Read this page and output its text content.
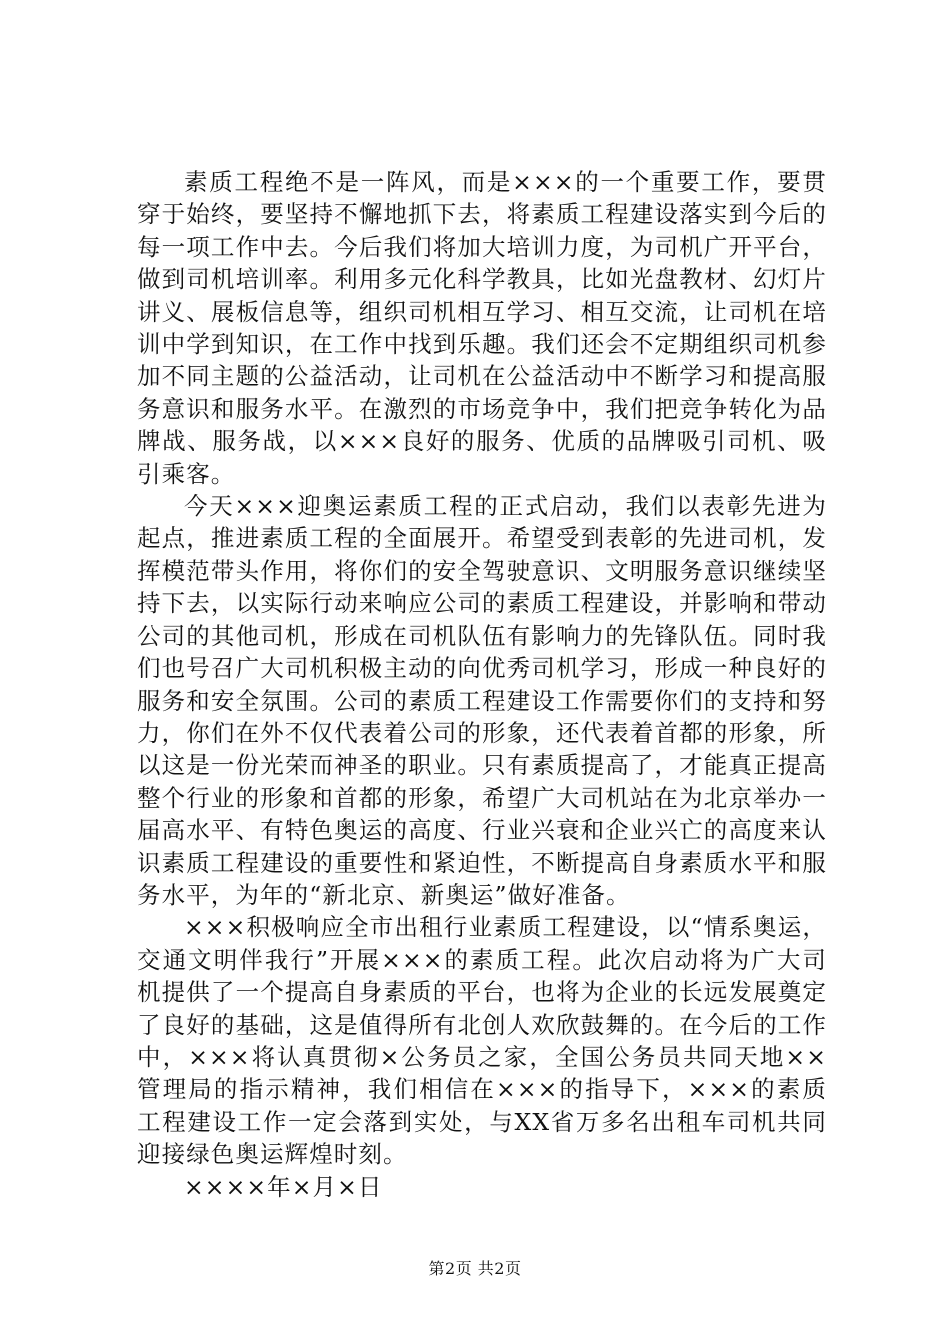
素质工程绝不是一阵风，而是×××的一个重要工作，要贯穿于始终，要坚持不懈地抓下去，将素质工程建设落实到今后的每一项工作中去。今后我们将加大培训力度，为司机广开平台，做到司机培训率。利用多元化科学教具，比如光盘教材、幻灯片讲义、展板信息等，组织司机相互学习、相互交流，让司机在培训中学到知识，在工作中找到乐趣。我们还会不定期组织司机参加不同主题的公益活动，让司机在公益活动中不断学习和提高服务意识和服务水平。在激烈的市场竞争中，我们把竞争转化为品牌战、服务战，以×××良好的服务、优质的品牌吸引司机、吸引乘客。

今天×××迎奥运素质工程的正式启动，我们以表彰先进为起点，推进素质工程的全面展开。希望受到表彰的先进司机，发挥模范带头作用，将你们的安全驾驶意识、文明服务意识继续坚持下去，以实际行动来响应公司的素质工程建设，并影响和带动公司的其他司机，形成在司机队伍有影响力的先锋队伍。同时我们也号召广大司机积极主动的向优秀司机学习，形成一种良好的服务和安全氛围。公司的素质工程建设工作需要你们的支持和努力，你们在外不仅代表着公司的形象，还代表着首都的形象，所以这是一份光荣而神圣的职业。只有素质提高了，才能真正提高整个行业的形象和首都的形象，希望广大司机站在为北京举办一届高水平、有特色奥运的高度、行业兴衰和企业兴亡的高度来认识素质工程建设的重要性和紧迫性，不断提高自身素质水平和服务水平，为年的“新北京、新奥运”做好准备。

×××积极响应全市出租行业素质工程建设，以“情系奥运，交通文明伴我行”开展×××的素质工程。此次启动将为广大司机提供了一个提高自身素质的平台，也将为企业的长远发展奠定了良好的基础，这是值得所有北创人欢欣鼓舞的。在今后的工作中，×××将认真贯彻×公务员之家，全国公务员共同天地××管理局的指示精神，我们相信在×××的指导下，×××的素质工程建设工作一定会落到实处，与XX省万多名出租车司机共同迎接绿色奥运辉煌时刻。

××××年×月×日

第2页 共2页
